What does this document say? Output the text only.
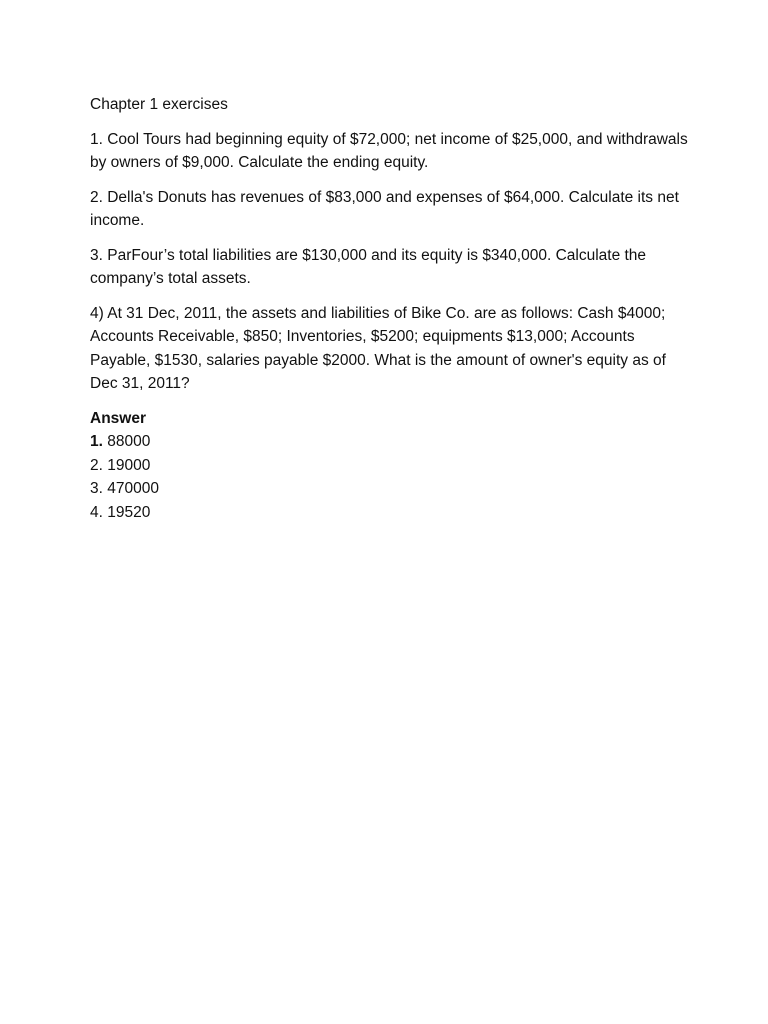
Chapter 1 exercises

1. Cool Tours had beginning equity of $72,000; net income of $25,000, and withdrawals by owners of $9,000. Calculate the ending equity.

2. Della's Donuts has revenues of $83,000 and expenses of $64,000. Calculate its net income.

3. ParFour’s total liabilities are $130,000 and its equity is $340,000. Calculate the company’s total assets.

4) At 31 Dec, 2011, the assets and liabilities of Bike Co. are as follows: Cash $4000; Accounts Receivable, $850; Inventories, $5200; equipments $13,000; Accounts Payable, $1530, salaries payable $2000. What is the amount of owner's equity as of Dec 31, 2011?

Answer

1. 88000
2. 19000
3. 470000
4. 19520
